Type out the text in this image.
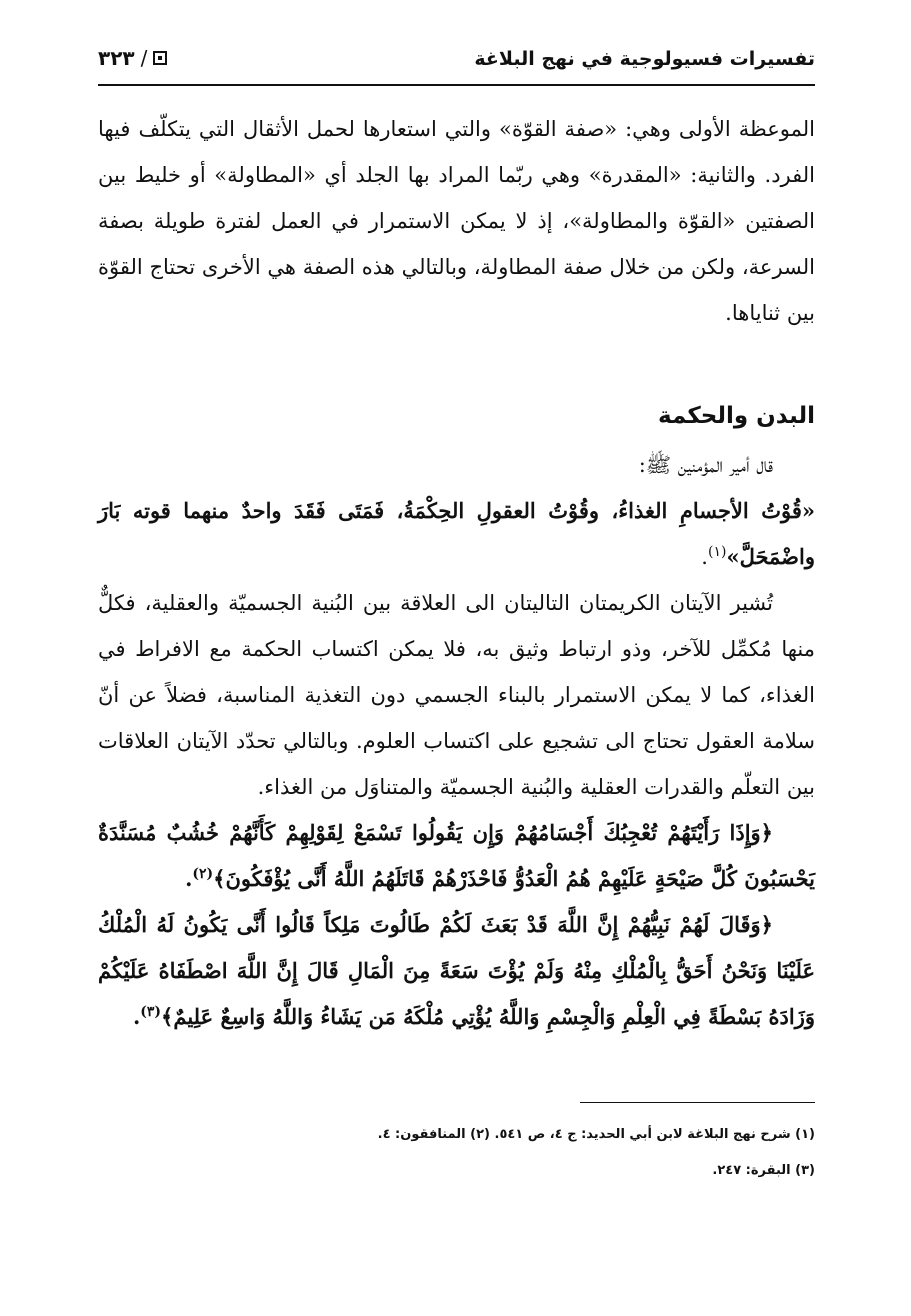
تفسيرات فسيولوجية في نهج البلاغة
٣٢٣ /

الموعظة الأولى وهي: «صفة القوّة» والتي استعارها لحمل الأثقال التي يتكلّف فيها الفرد. والثانية: «المقدرة» وهي ربّما المراد بها الجلد أي «المطاولة» أو خليط بين الصفتين «القوّة والمطاولة»، إذ لا يمكن الاستمرار في العمل لفترة طويلة بصفة السرعة، ولكن من خلال صفة المطاولة، وبالتالي هذه الصفة هي الأخرى تحتاج القوّة بين ثناياها.

البدن والحكمة

قال أمير المؤمنين ﷺ:

«قُوْتُ الأجسامِ الغذاءُ، وقُوْتُ العقولِ الحِكْمَةُ، فَمَتَى فَقَدَ واحدٌ منهما قوته بَارَ واضْمَحَلَّ»$^{(١)}$.

تُشير الآيتان الكريمتان التاليتان الى العلاقة بين البُنية الجسميّة والعقلية، فكلٌّ منها مُكمِّل للآخر، وذو ارتباط وثيق به، فلا يمكن اكتساب الحكمة مع الافراط في الغذاء، كما لا يمكن الاستمرار بالبناء الجسمي دون التغذية المناسبة، فضلاً عن أنّ سلامة العقول تحتاج الى تشجيع على اكتساب العلوم. وبالتالي تحدّد الآيتان العلاقات بين التعلّم والقدرات العقلية والبُنية الجسميّة والمتناوَل من الغذاء.

﴿وَإِذَا رَأَيْتَهُمْ تُعْجِبُكَ أَجْسَامُهُمْ وَإِن يَقُولُوا تَسْمَعْ لِقَوْلِهِمْ كَأَنَّهُمْ خُشُبٌ مُسَنَّدَةٌ يَحْسَبُونَ كُلَّ صَيْحَةٍ عَلَيْهِمْ هُمُ الْعَدُوُّ فَاحْذَرْهُمْ قَاتَلَهُمُ اللَّهُ أَنَّى يُؤْفَكُونَ﴾$^{(٢)}$.

﴿وَقَالَ لَهُمْ نَبِيُّهُمْ إِنَّ اللَّهَ قَدْ بَعَثَ لَكُمْ طَالُوتَ مَلِكاً قَالُوا أَنَّى يَكُونُ لَهُ الْمُلْكُ عَلَيْنَا وَنَحْنُ أَحَقُّ بِالْمُلْكِ مِنْهُ وَلَمْ يُؤْتَ سَعَةً مِنَ الْمَالِ قَالَ إِنَّ اللَّهَ اصْطَفَاهُ عَلَيْكُمْ وَزَادَهُ بَسْطَةً فِي الْعِلْمِ وَالْجِسْمِ وَاللَّهُ يُؤْتِي مُلْكَهُ مَن يَشَاءُ وَاللَّهُ وَاسِعٌ عَلِيمٌ﴾$^{(٣)}$.

(١) شرح نهج البلاغة لابن أبي الحديد: ج ٤، ص ٥٤١. (٢) المنافقون: ٤.

(٣) البقرة: ٢٤٧.
